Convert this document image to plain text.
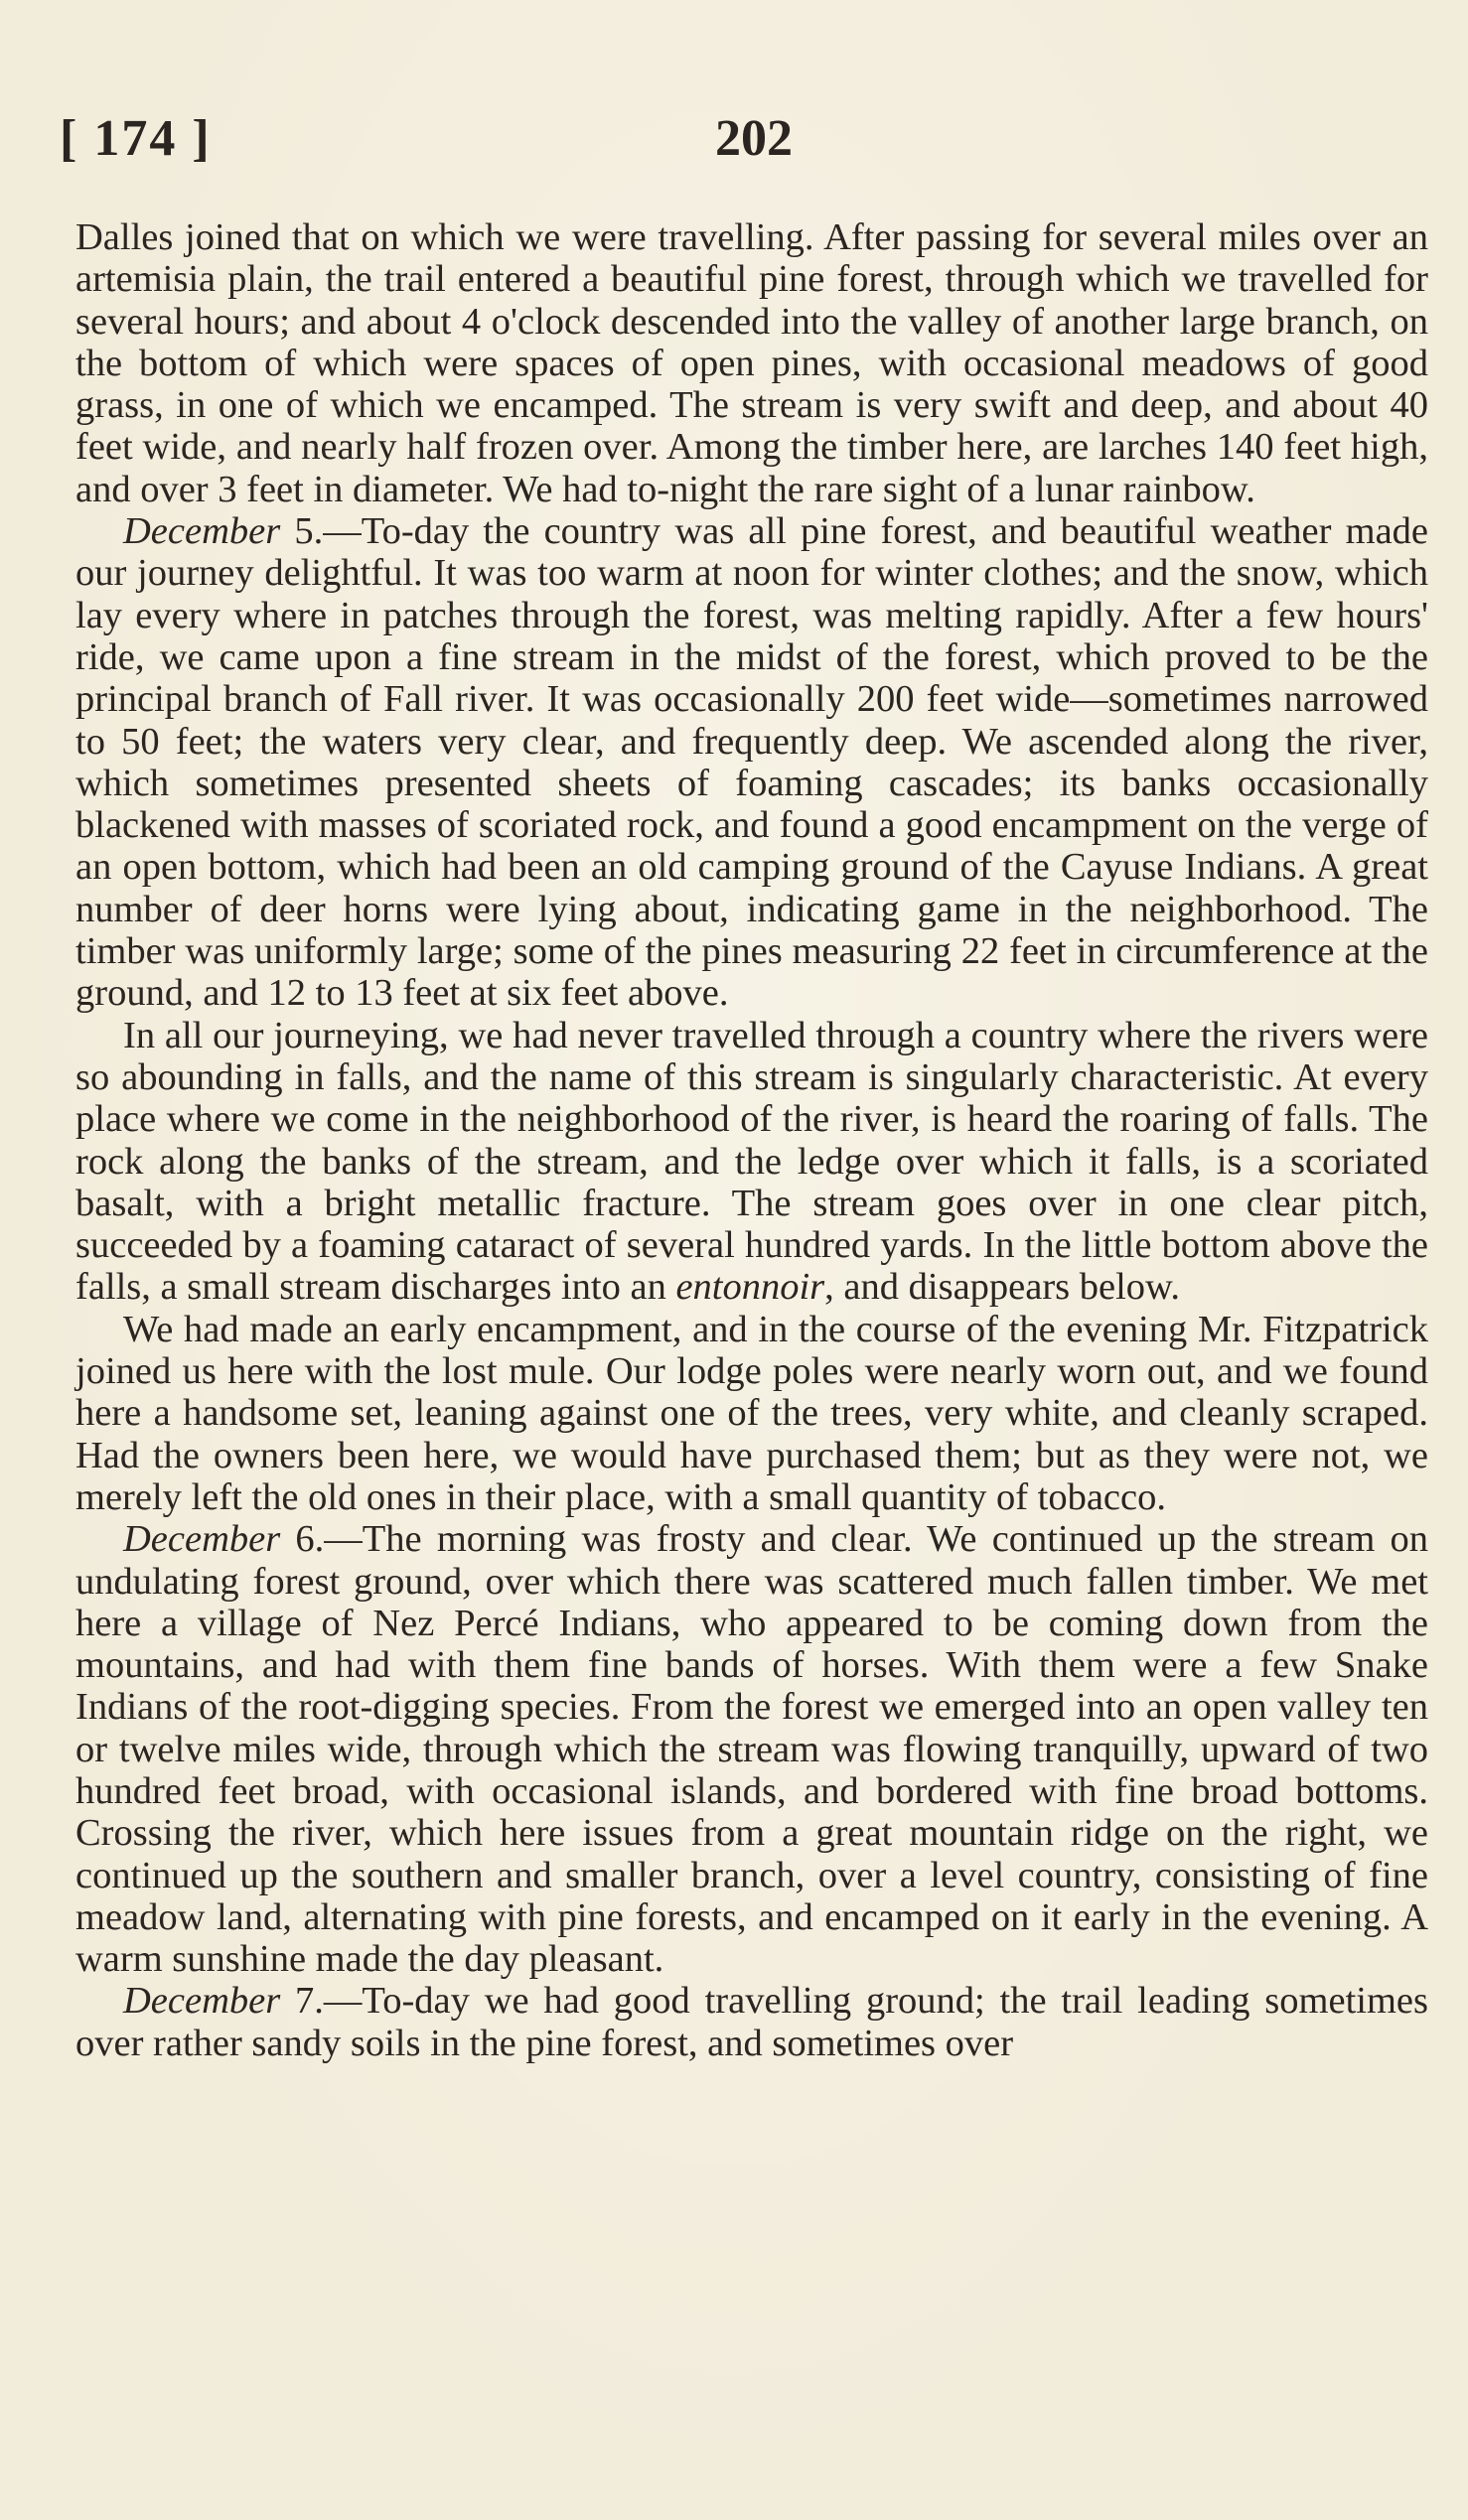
[ 174 ]	202

Dalles joined that on which we were travelling. After passing for several miles over an artemisia plain, the trail entered a beautiful pine forest, through which we travelled for several hours; and about 4 o'clock descended into the valley of another large branch, on the bottom of which were spaces of open pines, with occasional meadows of good grass, in one of which we encamped. The stream is very swift and deep, and about 40 feet wide, and nearly half frozen over. Among the timber here, are larches 140 feet high, and over 3 feet in diameter. We had to-night the rare sight of a lunar rainbow.

December 5.—To-day the country was all pine forest, and beautiful weather made our journey delightful. It was too warm at noon for winter clothes; and the snow, which lay every where in patches through the forest, was melting rapidly. After a few hours' ride, we came upon a fine stream in the midst of the forest, which proved to be the principal branch of Fall river. It was occasionally 200 feet wide—sometimes narrowed to 50 feet; the waters very clear, and frequently deep. We ascended along the river, which sometimes presented sheets of foaming cascades; its banks occasionally blackened with masses of scoriated rock, and found a good encampment on the verge of an open bottom, which had been an old camping ground of the Cayuse Indians. A great number of deer horns were lying about, indicating game in the neighborhood. The timber was uniformly large; some of the pines measuring 22 feet in circumference at the ground, and 12 to 13 feet at six feet above.

In all our journeying, we had never travelled through a country where the rivers were so abounding in falls, and the name of this stream is singularly characteristic. At every place where we come in the neighborhood of the river, is heard the roaring of falls. The rock along the banks of the stream, and the ledge over which it falls, is a scoriated basalt, with a bright metallic fracture. The stream goes over in one clear pitch, succeeded by a foaming cataract of several hundred yards. In the little bottom above the falls, a small stream discharges into an entonnoir, and disappears below.

We had made an early encampment, and in the course of the evening Mr. Fitzpatrick joined us here with the lost mule. Our lodge poles were nearly worn out, and we found here a handsome set, leaning against one of the trees, very white, and cleanly scraped. Had the owners been here, we would have purchased them; but as they were not, we merely left the old ones in their place, with a small quantity of tobacco.

December 6.—The morning was frosty and clear. We continued up the stream on undulating forest ground, over which there was scattered much fallen timber. We met here a village of Nez Percé Indians, who appeared to be coming down from the mountains, and had with them fine bands of horses. With them were a few Snake Indians of the root-digging species. From the forest we emerged into an open valley ten or twelve miles wide, through which the stream was flowing tranquilly, upward of two hundred feet broad, with occasional islands, and bordered with fine broad bottoms. Crossing the river, which here issues from a great mountain ridge on the right, we continued up the southern and smaller branch, over a level country, consisting of fine meadow land, alternating with pine forests, and encamped on it early in the evening. A warm sunshine made the day pleasant.

December 7.—To-day we had good travelling ground; the trail leading sometimes over rather sandy soils in the pine forest, and sometimes over
